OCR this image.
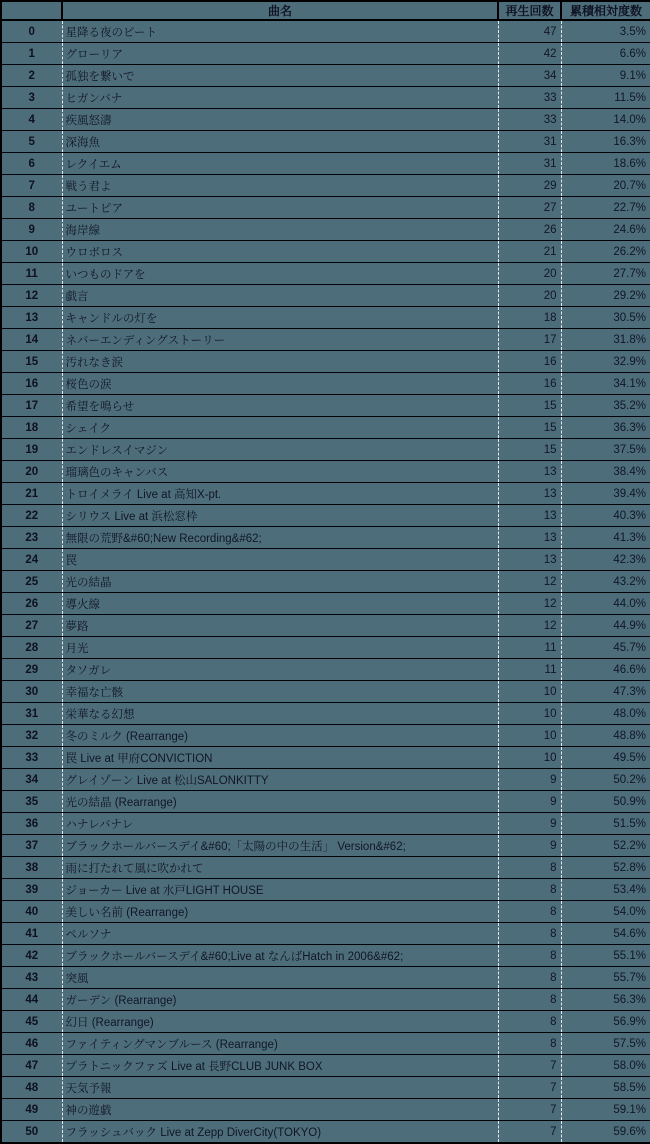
	曲名	再生回数	累積相対度数
0	星降る夜のビート	47	3.5%
1	グローリア	42	6.6%
2	孤独を繋いで	34	9.1%
3	ヒガンバナ	33	11.5%
4	疾風怒濤	33	14.0%
5	深海魚	31	16.3%
6	レクイエム	31	18.6%
7	戦う君よ	29	20.7%
8	ユートピア	27	22.7%
9	海岸線	26	24.6%
10	ウロボロス	21	26.2%
11	いつものドアを	20	27.7%
12	戯言	20	29.2%
13	キャンドルの灯を	18	30.5%
14	ネバーエンディングストーリー	17	31.8%
15	汚れなき涙	16	32.9%
16	桜色の涙	16	34.1%
17	希望を鳴らせ	15	35.2%
18	シェイク	15	36.3%
19	エンドレスイマジン	15	37.5%
20	瑠璃色のキャンバス	13	38.4%
21	トロイメライ Live at 高知X-pt.	13	39.4%
22	シリウス Live at 浜松窓枠	13	40.3%
23	無限の荒野&#60;New Recording&#62;	13	41.3%
24	罠	13	42.3%
25	光の結晶	12	43.2%
26	導火線	12	44.0%
27	夢路	12	44.9%
28	月光	11	45.7%
29	タソガレ	11	46.6%
30	幸福な亡骸	10	47.3%
31	栄華なる幻想	10	48.0%
32	冬のミルク (Rearrange)	10	48.8%
33	罠 Live at 甲府CONVICTION	10	49.5%
34	グレイゾーン Live at 松山SALONKITTY	9	50.2%
35	光の結晶 (Rearrange)	9	50.9%
36	ハナレバナレ	9	51.5%
37	ブラックホールバースデイ&#60;「太陽の中の生活」 Version&#62;	9	52.2%
38	雨に打たれて風に吹かれて	8	52.8%
39	ジョーカー Live at 水戸LIGHT HOUSE	8	53.4%
40	美しい名前 (Rearrange)	8	54.0%
41	ペルソナ	8	54.6%
42	ブラックホールバースデイ&#60;Live at なんばHatch in 2006&#62;	8	55.1%
43	突風	8	55.7%
44	ガーデン (Rearrange)	8	56.3%
45	幻日 (Rearrange)	8	56.9%
46	ファイティングマンブルース (Rearrange)	8	57.5%
47	プラトニックファズ Live at 長野CLUB JUNK BOX	7	58.0%
48	天気予報	7	58.5%
49	神の遊戯	7	59.1%
50	フラッシュバック Live at Zepp DiverCity(TOKYO)	7	59.6%
